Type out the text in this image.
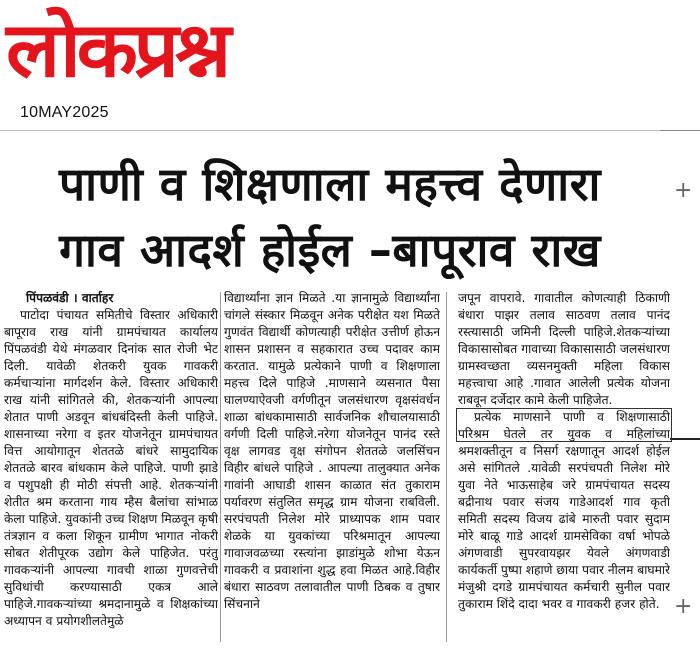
लोकप्रश्न
10MAY2025
पाणी व शिक्षणाला महत्त्व देणारा
गाव आदर्श होईल –बापूराव राख
+
+
पिंपळवंडी । वार्ताहर

पाटोदा पंचायत समितीचे विस्तार अधिकारी बापूराव राख यांनी ग्रामपंचायत कार्यालय पिंपळवंडी येथे मंगळवार दिनांक सात रोजी भेट दिली. यावेळी शेतकरी युवक गावकरी कर्मचाऱ्यांना मार्गदर्शन केले. विस्तार अधिकारी राख यांनी सांगितले की, शेतकऱ्यांनी आपल्या शेतात पाणी अडवून बांधबंदिस्ती केली पाहिजे. शासनाच्या नरेगा व इतर योजनेतून ग्रामपंचायत वित्त आयोगातून शेततळे बांधरे सामुदायिक शेततळे बारव बांधकाम केले पाहिजे. पाणी झाडे व पशुपक्षी ही मोठी संपत्ती आहे. शेतकऱ्यांनी शेतीत श्रम करताना गाय म्हैस बैलांचा सांभाळ केला पाहिजे. युवकांनी उच्च शिक्षण मिळवून कृषी तंत्रज्ञान व कला शिकून ग्रामीण भागात नोकरी सोबत शेतीपूरक उद्योग केले पाहिजेत. परंतु गावकऱ्यांनी आपल्या गावची शाळा गुणवत्तेची सुविधांची करण्यासाठी एकत्र आले पाहिजे.गावकऱ्यांच्या श्रमदानामुळे व शिक्षकांच्या अध्यापन व प्रयोगशीलतेमुळे

विद्यार्थ्यांना ज्ञान मिळते .या ज्ञानामुळे विद्यार्थ्यांना चांगले संस्कार मिळवून अनेक परीक्षेत यश मिळते गुणवंत विद्यार्थी कोणत्याही परीक्षेत उत्तीर्ण होऊन शासन प्रशासन व सहकारात उच्च पदावर काम करतात. यामुळे प्रत्येकाने पाणी व शिक्षणाला महत्त्व दिले पाहिजे .माणसाने व्यसनात पैसा घालण्याऐवजी वर्गणीतून जलसंधारण वृक्षसंवर्धन शाळा बांधकामासाठी सार्वजनिक शौचालयासाठी वर्गणी दिली पाहिजे.नरेगा योजनेतून पानंद रस्ते वृक्ष लागवड वृक्ष संगोपन शेततळे जलसिंचन विहीर बांधले पाहिजे . आपल्या तालुक्यात अनेक गावांनी आघाडी शासन काळात संत तुकाराम पर्यावरण संतुलित समृद्ध ग्राम योजना राबविली. सरपंचपती निलेश मोरे प्राध्यापक शाम पवार शेळके या युवकांच्या परिश्रमातून आपल्या गावाजवळच्या रस्त्यांना झाडांमुळे शोभा येऊन गावकरी व प्रवाशांना शुद्ध हवा मिळत आहे.विहीर बंधारा साठवण तलावातील पाणी ठिबक व तुषार सिंचनाने

जपून वापरावे. गावातील कोणत्याही ठिकाणी बंधारा पाझर तलाव साठवण तलाव पानंद रस्त्यासाठी जमिनी दिल्ली पाहिजे.शेतकऱ्यांच्या विकासासोबत गावाच्या विकासासाठी जलसंधारण ग्रामस्वच्छता व्यसनमुक्ती महिला विकास महत्त्वाचा आहे .गावात आलेली प्रत्येक योजना राबवून दर्जेदार कामे केली पाहिजेत.

प्रत्येक माणसाने पाणी व शिक्षणासाठी परिश्रम घेतले तर युवक व महिलांच्या श्रमशक्तीतून व निसर्ग रक्षणातून आदर्श होईल असे सांगितले .यावेळी सरपंचपती निलेश मोरे युवा नेते भाऊसाहेब जरे ग्रामपंचायत सदस्य बद्रीनाथ पवार संजय गाडेआदर्श गाव कृती समिती सदस्य विजय ढांबे मारुती पवार सुदाम मोरे बाळू गाडे आदर्श ग्रामसेविका वर्षा भोपळे अंगणवाडी सुपरवायझर येवले अंगणवाडी कार्यकर्ती पुष्पा शहाणे छाया पवार नीलम बाघमारे मंजुश्री दगडे ग्रामपंचायत कर्मचारी सुनील पवार तुकाराम शिंदे दादा भवर व गावकरी हजर होते.
